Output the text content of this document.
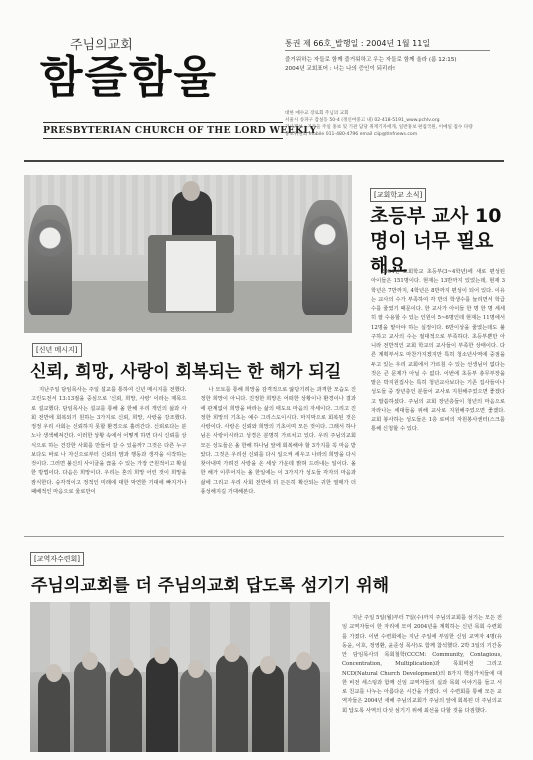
주님의교회
함즐함울
PRESBYTERIAN CHURCH OF THE LORD WEEKLY
통권 제 66호_발행일 : 2004년 1월 11일
즐거워하는 자들로 함께 즐거워하고 우는 자들로 함께 울라 (롬 12:15)
2004년 교회표어 : 너는 나의 증인이 되리라!
대한 예수교 장로회 주님의 교회
서울시 송파구 잠실동 50-4 (정신여중고 내) 02-418-5191_www.pchlv.org
기사제보 : 기자들 주일 홍보 및 기관 담당 취재기자에게, 일반홍보 편집국원, 이메일 접수 다량
홍보위원회 mobile 011-480-4796 email clip@tlnfnews.com
[교회학교 소식]
초등부 교사 10명이 너무 필요해요
2004년 교회학교 초등부(3~4학년)에 새로 편성된 아이들은 151명이다. 현재는 13반까지 있었는데, 현재 3학년은 7반까지, 4학년은 8반까지 편성이 되어 있다. 이유는 교사의 수가 부족하여 각 반의 학생수를 늘리면서 학급수를 줄였기 때문이다. 한 교사가 아이들 한 명 한 명 세세히 잘 수용할 수 있는 인원이 5~6명인데 현재는 11명에서 12명을 맡아야 하는 실정이다. 6반이상을 줄였는데도 불구하고 교사의 수는 절대적으로 부족하다. 초등부뿐만 아니라 전반적인 교회 학교의 교사들이 부족한 상태이다. 다른 계획부서도 마찬가지겠지만 특히 청소년사역에 중점을 두고 있는 우리 교회에서 가르침 수 있는 선생님이 없다는 것은 큰 문제가 아닐 수 없다. 이번에 초등부 총무부장을 맡은 박지원집사는 특히 청년교사보다는 기존 집사들이나 성도들 중 장년층인 분들이 교사로 지원해주었으면 좋겠다고 말씀하셨다. 주님의 교회 장년층들이 청년의 마음으로 자라나는 세대들을 위해 교사로 지원해주었으면 좋겠다. 교회 봉사하는 성도들은 1층 로비의 자원봉사센터(스크를 통해 신청할 수 있다.
[신년 메시지]
신뢰, 희망, 사랑이 회복되는 한 해가 되길

지난주일 담임목사는 주일 설교를 통하여 신년 메시지를 전했다. 고린도전서 13:13절을 중심으로 '신뢰, 희망, 사랑' 이라는 제목으로 설교했다. 담임목사는 설교를 통해 올 한해 우리 개인의 삶과 사회 전반에 회복되기 원하는 3가지로 신뢰, 희망, 사랑을 강조했다. 정정 우리 사회는 신뢰하지 못할 환경으로 흘러간다. 신뢰로다는 분노나 생색해져간다. 이러한 상황 속에서 어떻게 하면 다시 신뢰를 상식으로 하는 건강한 사회를 만들어 갈 수 있을까? 그것은 다른 누구보다도 바로 나 자신으로부터 신뢰의 맘과 행동과 생각을 시작하는 것이다. 그러면 불신의 사이클을 끊을 수 있는 가장 근원적이고 확실한 방법이다. 다음은 희망이다. 우리는 혼의 희망 어린 것이 희망을 잠식한다. 숭각적이고 정적인 미래에 대한 막연한 기대에 빠지거나 패배적인 마음으로 울로만이

나 모토를 통해 희망을 감격적으로 앓당기려는 과격한 모습도 진정한 희망이 아니다. 진정한 희망은 어떠한 상황이나 환경이나 결과에 관계없이 희망을 바라는 삶의 태도요 마음의 자세이다. 그리고 진정한 희망의 기초는 예수 그리스도이시다. 마지막으로 회복된 것은 사랑이다. 사랑은 신뢰와 희망의 기초이며 모든 것이다. 그래서 하나님은 사랑이시라고 성경은 분명히 가르치고 있다. 우리 주님의교회 모든 성도들은 올 한해 하나님 앞에 회복해야 할 3가지를 꼭 마음 받았다. 그것은 우리선 신뢰를 다시 일으켜 세우고 나라의 희망을 다시 찾아내며 가려진 사랑을 온 세상 가운데 밝혀 드러내는 일이다. 올 한 해가 이루어지는 올 한일에는 이 3가지가 성도들 각자의 마음과 삶에 그리고 우리 사회 전반에 더 든든히 확산되는 귀한 열매가 더 풍성해지길 기대해본다.

[교역자수련회]
주님의교회를 더 주님의교회 답도록 섬기기 위해
지난 주일 5일(월)부터 7일(수)까지 주님의교회를 섬기는 모든 전임 교역자들이 한 자리에 모여 2004년을 계획하는 신년 목회 수련회를 가졌다. 이번 수련회에는 지난 주일에 부임한 신임 교역자 4명(유동윤, 이호, 정영환, 윤준성 목사)도 함께 참석했다. 2박 3일의 기간동안 담임목사의 목회철학(CCCM: Community, Contagious, Concentration, Multiplication)과 목회비전 그리고 NCD(Natural Church Development)의 8가지 핵심가치들에 대한 비전 세스팅과 함께 신임 교역자들의 실과 목회 이야기를 들고 서로 친교를 나누는 아름다운 시간을 가졌다. 이 수련회를 통해 모든 교역자들은 2004년 새해 주님의교회가 주님의 앞에 회복된 더 주님의교회 답도록 사역의 다섯 섬기기 위해 최선을 다할 것을 다짐했다.
